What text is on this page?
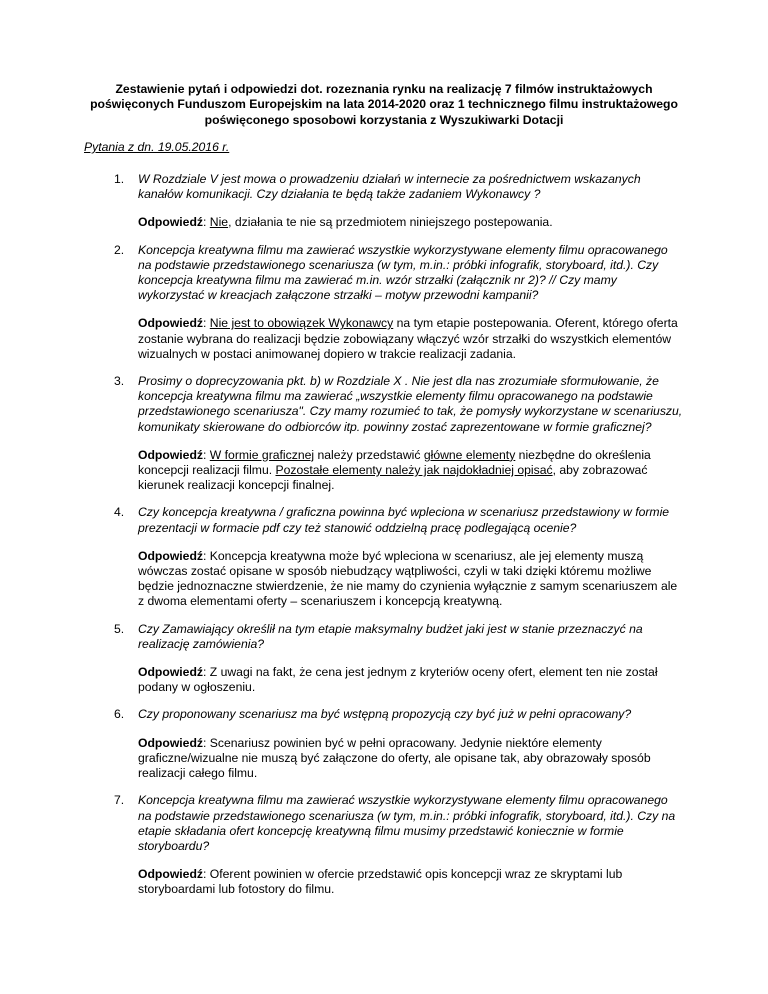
Zestawienie pytań i odpowiedzi dot. rozeznania rynku na realizację 7 filmów instruktażowych poświęconych Funduszom Europejskim na lata 2014-2020 oraz 1 technicznego filmu instruktażowego poświęconego sposobowi korzystania z Wyszukiwarki Dotacji
Pytania z dn. 19.05.2016 r.
1. W Rozdziale V jest mowa o prowadzeniu działań w internecie za pośrednictwem wskazanych kanałów komunikacji. Czy działania te będą także zadaniem Wykonawcy ?
Odpowiedź: Nie, działania te nie są przedmiotem niniejszego postepowania.
2. Koncepcja kreatywna filmu ma zawierać wszystkie wykorzystywane elementy filmu opracowanego na podstawie przedstawionego scenariusza (w tym, m.in.: próbki infografik, storyboard, itd.). Czy koncepcja kreatywna filmu ma zawierać m.in. wzór strzałki (załącznik nr 2)? // Czy mamy wykorzystać w kreacjach załączone strzałki – motyw przewodni kampanii?
Odpowiedź: Nie jest to obowiązek Wykonawcy na tym etapie postepowania. Oferent, którego oferta zostanie wybrana do realizacji będzie zobowiązany włączyć wzór strzałki do wszystkich elementów wizualnych w postaci animowanej dopiero w trakcie realizacji zadania.
3. Prosimy o doprecyzowania pkt. b) w Rozdziale X . Nie jest dla nas zrozumiałe sformułowanie, że koncepcja kreatywna filmu ma zawierać „wszystkie elementy filmu opracowanego na podstawie przedstawionego scenariusza". Czy mamy rozumieć to tak, że pomysły wykorzystane w scenariuszu, komunikaty skierowane do odbiorców itp. powinny zostać zaprezentowane w formie graficznej?
Odpowiedź: W formie graficznej należy przedstawić główne elementy niezbędne do określenia koncepcji realizacji filmu. Pozostałe elementy należy jak najdokładniej opisać, aby zobrazować kierunek realizacji koncepcji finalnej.
4. Czy koncepcja kreatywna / graficzna powinna być wpleciona w scenariusz przedstawiony w formie prezentacji w formacie pdf czy też stanowić oddzielną pracę podlegającą ocenie?
Odpowiedź: Koncepcja kreatywna może być wpleciona w scenariusz, ale jej elementy muszą wówczas zostać opisane w sposób niebudzący wątpliwości, czyli w taki dzięki któremu możliwe będzie jednoznaczne stwierdzenie, że nie mamy do czynienia wyłącznie z samym scenariuszem ale z dwoma elementami oferty – scenariuszem i koncepcją kreatywną.
5. Czy Zamawiający określił na tym etapie maksymalny budżet jaki jest w stanie przeznaczyć na realizację zamówienia?
Odpowiedź: Z uwagi na fakt, że cena jest jednym z kryteriów oceny ofert, element ten nie został podany w ogłoszeniu.
6. Czy proponowany scenariusz ma być wstępną propozycją czy być już w pełni opracowany?
Odpowiedź: Scenariusz powinien być w pełni opracowany. Jedynie niektóre elementy graficzne/wizualne nie muszą być załączone do oferty, ale opisane tak, aby obrazowały sposób realizacji całego filmu.
7. Koncepcja kreatywna filmu ma zawierać wszystkie wykorzystywane elementy filmu opracowanego na podstawie przedstawionego scenariusza (w tym, m.in.: próbki infografik, storyboard, itd.). Czy na etapie składania ofert koncepcję kreatywną filmu musimy przedstawić koniecznie w formie storyboardu?
Odpowiedź: Oferent powinien w ofercie przedstawić opis koncepcji wraz ze skryptami lub storyboardami lub fotostory do filmu.
